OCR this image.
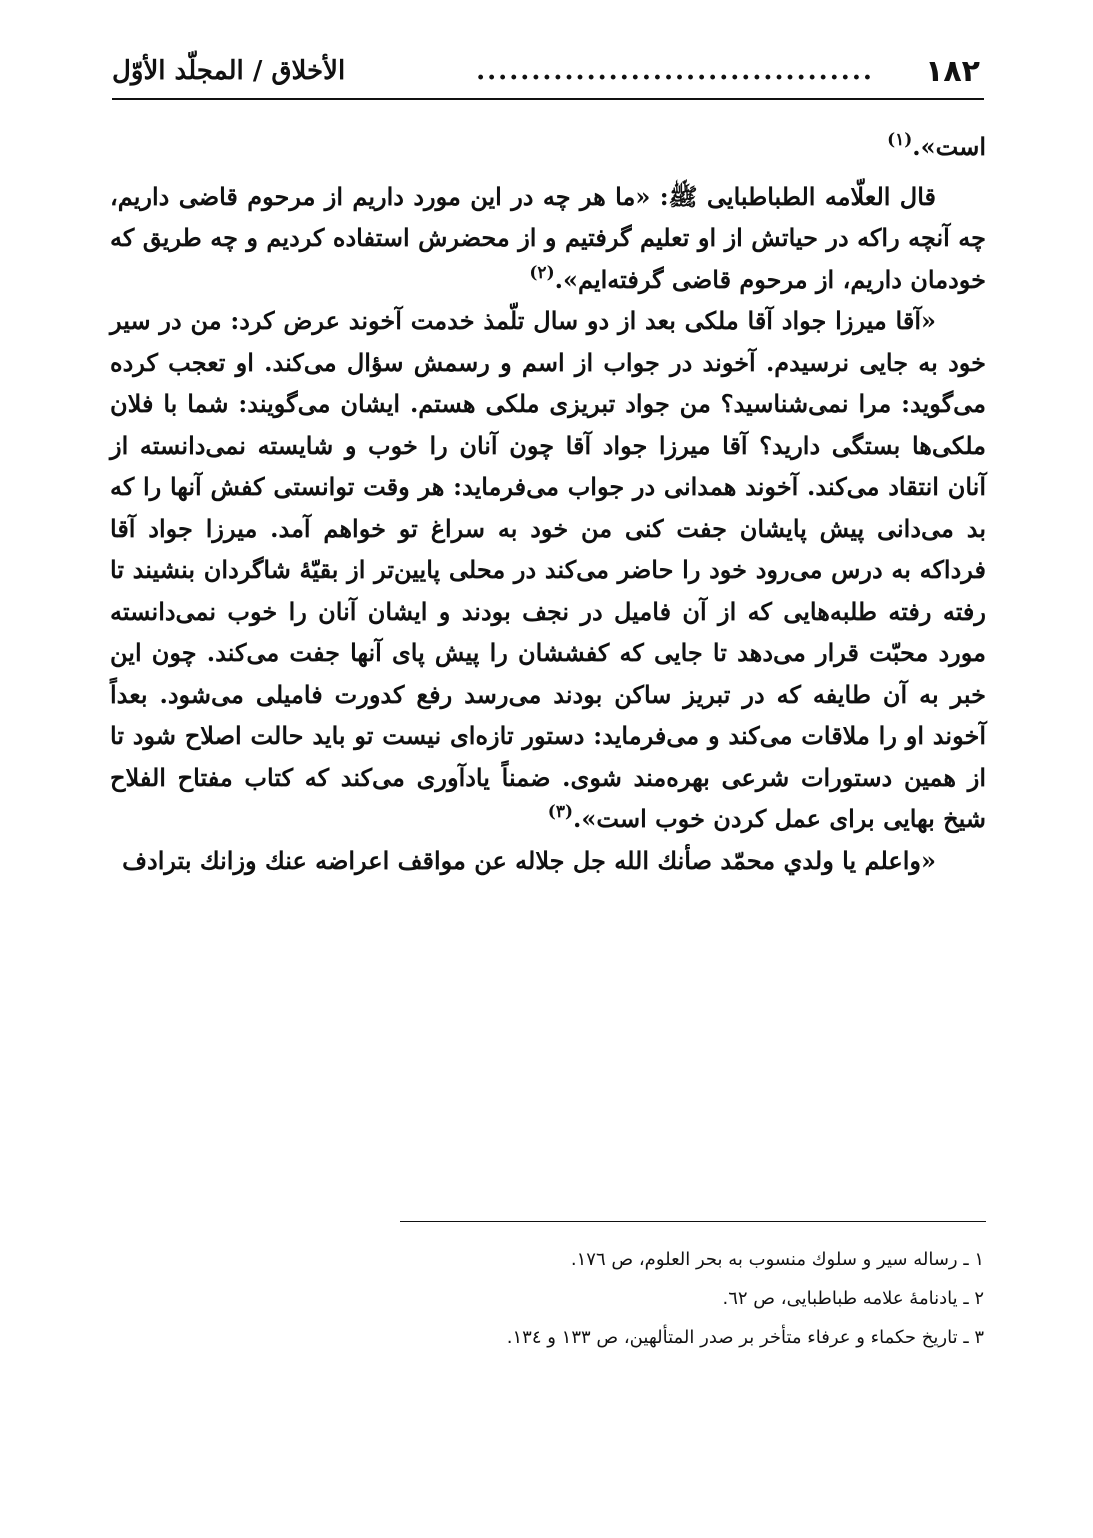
۱۸۲
....................................
الأخلاق / المجلّد الأوّل

است».$^{(۱)}$

قال العلّامه الطباطبایی ﷺ: «ما هر چه در این مورد داریم از مرحوم قاضی داریم، چه آنچه راکه در حیاتش از او تعلیم گرفتیم و از محضرش استفاده کردیم و چه طریق که خودمان داریم، از مرحوم قاضی گرفته‌ایم».$^{(۲)}$

«آقا میرزا جواد آقا ملکی بعد از دو سال تلّمذ خدمت آخوند عرض کرد: من در سیر خود به جایی نرسیدم. آخوند در جواب از اسم و رسمش سؤال می‌کند. او تعجب کرده می‌گوید: مرا نمی‌شناسید؟ من جواد تبریزی ملکی هستم. ایشان می‌گویند: شما با فلان ملکی‌ها بستگی دارید؟ آقا میرزا جواد آقا چون آنان را خوب و شایسته نمی‌دانسته از آنان انتقاد می‌کند. آخوند همدانی در جواب می‌فرماید: هر وقت توانستی کفش آنها را که بد می‌دانی پیش پایشان جفت کنی من خود به سراغ تو خواهم آمد. میرزا جواد آقا فرداکه به درس می‌رود خود را حاضر می‌کند در محلی پایین‌تر از بقیّهٔ شاگردان بنشیند تا رفته رفته طلبه‌هایی که از آن فامیل در نجف بودند و ایشان آنان را خوب نمی‌دانسته مورد محبّت قرار می‌دهد تا جایی که کفششان را پیش پای آنها جفت می‌کند. چون این خبر به آن طایفه که در تبریز ساکن بودند می‌رسد رفع کدورت فامیلی می‌شود. بعداً آخوند او را ملاقات می‌کند و می‌فرماید: دستور تازه‌ای نیست تو باید حالت اصلاح شود تا از همین دستورات شرعی بهره‌مند شوی. ضمناً یادآوری می‌کند که کتاب مفتاح الفلاح شیخ بهایی برای عمل کردن خوب است».$^{(۳)}$

«واعلم یا ولدي محمّد صأنك الله جل جلاله عن مواقف اعراضه عنك وزانك بترادف

۱ ـ رساله سیر و سلوك منسوب به بحر العلوم، ص ۱۷٦.
۲ ـ یادنامهٔ علامه طباطبایی، ص ٦۲.
۳ ـ تاریخ حکماء و عرفاء متأخر بر صدر المتألهین، ص ۱۳۳ و ۱۳٤.
